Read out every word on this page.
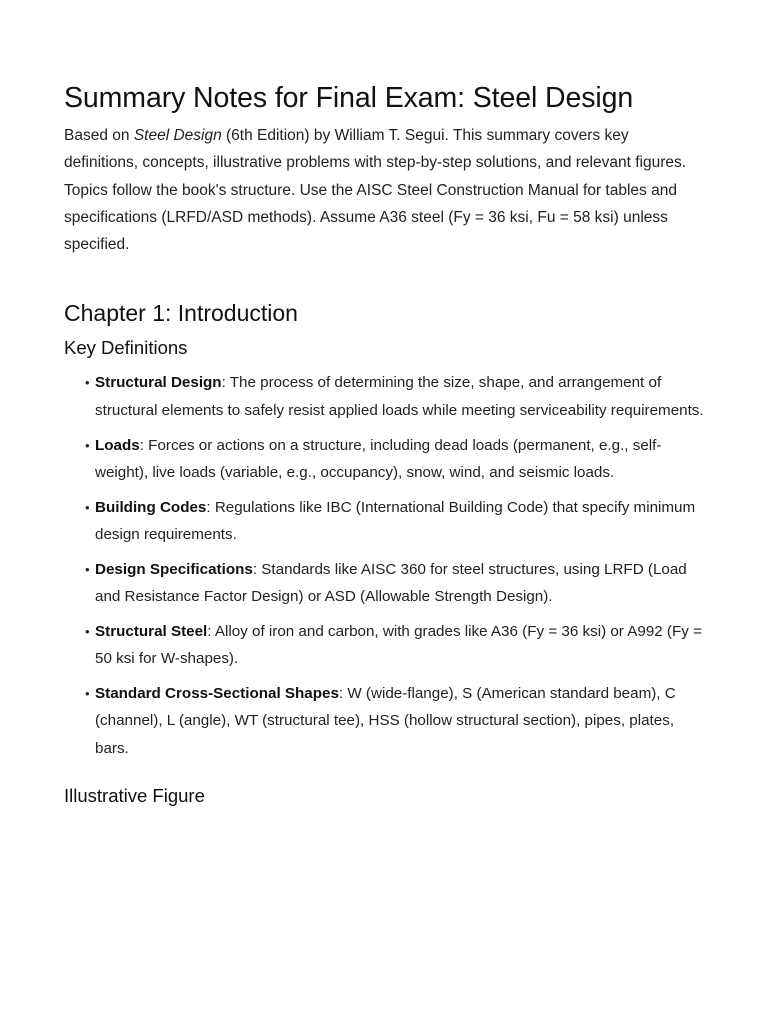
Summary Notes for Final Exam: Steel Design

Based on Steel Design (6th Edition) by William T. Segui. This summary covers key definitions, concepts, illustrative problems with step-by-step solutions, and relevant figures. Topics follow the book's structure. Use the AISC Steel Construction Manual for tables and specifications (LRFD/ASD methods). Assume A36 steel (Fy = 36 ksi, Fu = 58 ksi) unless specified.

Chapter 1: Introduction
Key Definitions
• Structural Design: The process of determining the size, shape, and arrangement of structural elements to safely resist applied loads while meeting serviceability requirements.
• Loads: Forces or actions on a structure, including dead loads (permanent, e.g., self-weight), live loads (variable, e.g., occupancy), snow, wind, and seismic loads.
• Building Codes: Regulations like IBC (International Building Code) that specify minimum design requirements.
• Design Specifications: Standards like AISC 360 for steel structures, using LRFD (Load and Resistance Factor Design) or ASD (Allowable Strength Design).
• Structural Steel: Alloy of iron and carbon, with grades like A36 (Fy = 36 ksi) or A992 (Fy = 50 ksi for W-shapes).
• Standard Cross-Sectional Shapes: W (wide-flange), S (American standard beam), C (channel), L (angle), WT (structural tee), HSS (hollow structural section), pipes, plates, bars.
Illustrative Figure
